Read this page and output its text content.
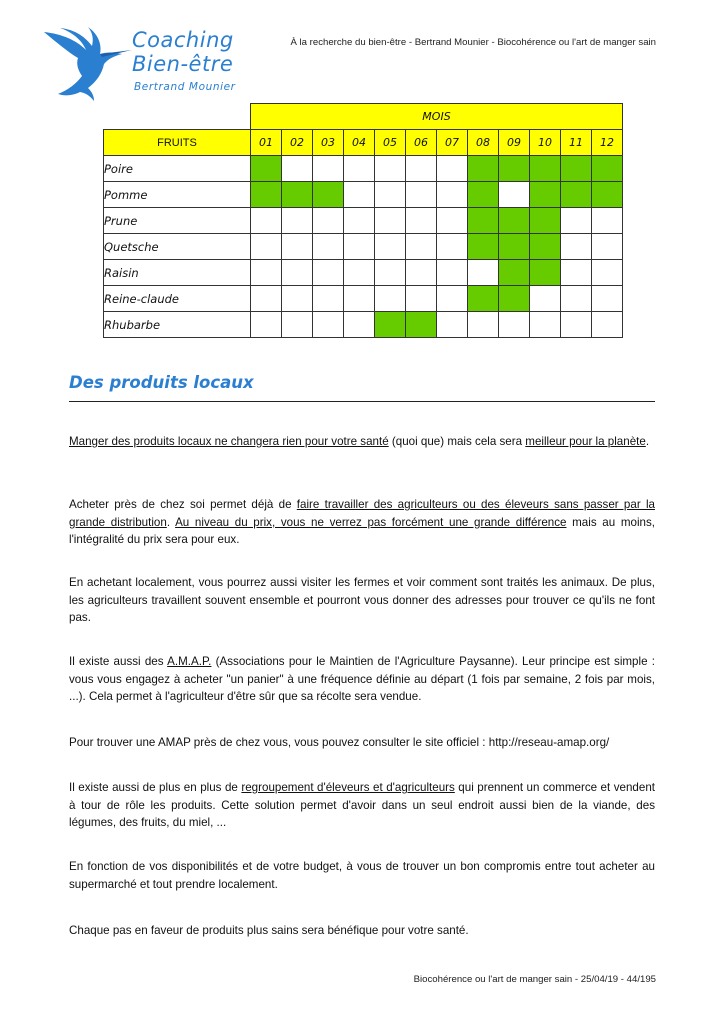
Coaching
Bien-être
Bertrand Mounier
À la recherche du bien-être - Bertrand Mounier - Biocohérence ou l'art de manger sain
	MOIS											
FRUITS	01	02	03	04	05	06	07	08	09	10	11	12
Poire												
Pomme												
Prune												
Quetsche												
Raisin												
Reine-claude												
Rhubarbe												
Des produits locaux

Manger des produits locaux ne changera rien pour votre santé (quoi que) mais cela sera meilleur pour la planète.

Acheter près de chez soi permet déjà de faire travailler des agriculteurs ou des éleveurs sans passer par la grande distribution. Au niveau du prix, vous ne verrez pas forcément une grande différence mais au moins, l'intégralité du prix sera pour eux.

En achetant localement, vous pourrez aussi visiter les fermes et voir comment sont traités les animaux. De plus, les agriculteurs travaillent souvent ensemble et pourront vous donner des adresses pour trouver ce qu'ils ne font pas.

Il existe aussi des A.M.A.P. (Associations pour le Maintien de l'Agriculture Paysanne). Leur principe est simple : vous vous engagez à acheter "un panier" à une fréquence définie au départ (1 fois par semaine, 2 fois par mois, ...). Cela permet à l'agriculteur d'être sûr que sa récolte sera vendue.

Pour trouver une AMAP près de chez vous, vous pouvez consulter le site officiel : http://reseau-amap.org/

Il existe aussi de plus en plus de regroupement d'éleveurs et d'agriculteurs qui prennent un commerce et vendent à tour de rôle les produits. Cette solution permet d'avoir dans un seul endroit aussi bien de la viande, des légumes, des fruits, du miel, ...

En fonction de vos disponibilités et de votre budget, à vous de trouver un bon compromis entre tout acheter au supermarché et tout prendre localement.

Chaque pas en faveur de produits plus sains sera bénéfique pour votre santé.

Biocohérence ou l'art de manger sain - 25/04/19 - 44/195
